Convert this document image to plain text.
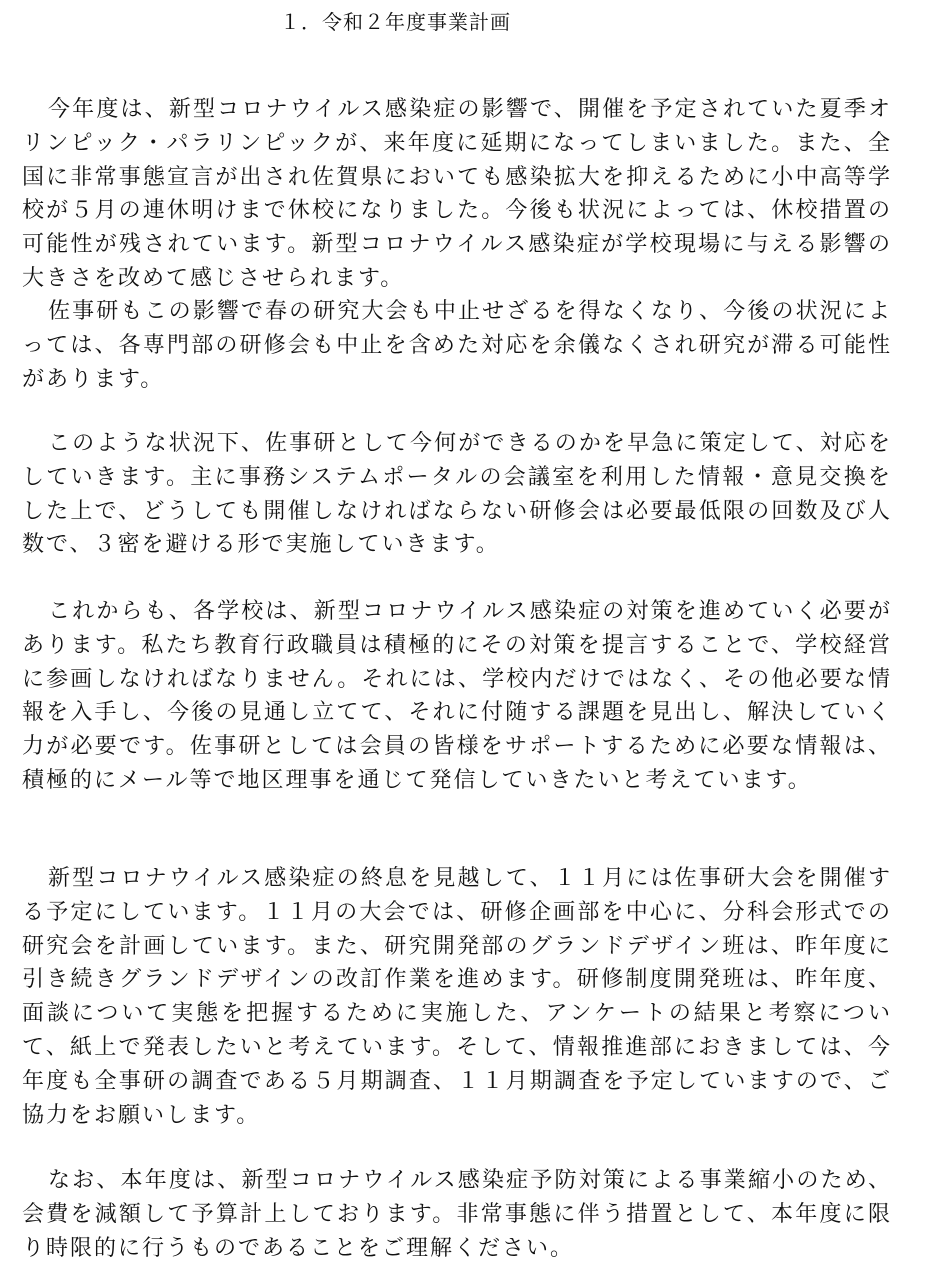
１．令和２年度事業計画

今年度は、新型コロナウイルス感染症の影響で、開催を予定されていた夏季オリンピック・パラリンピックが、来年度に延期になってしまいました。また、全国に非常事態宣言が出され佐賀県においても感染拡大を抑えるために小中高等学校が５月の連休明けまで休校になりました。今後も状況によっては、休校措置の可能性が残されています。新型コロナウイルス感染症が学校現場に与える影響の大きさを改めて感じさせられます。

佐事研もこの影響で春の研究大会も中止せざるを得なくなり、今後の状況によっては、各専門部の研修会も中止を含めた対応を余儀なくされ研究が滞る可能性があります。

このような状況下、佐事研として今何ができるのかを早急に策定して、対応をしていきます。主に事務システムポータルの会議室を利用した情報・意見交換をした上で、どうしても開催しなければならない研修会は必要最低限の回数及び人数で、３密を避ける形で実施していきます。

これからも、各学校は、新型コロナウイルス感染症の対策を進めていく必要があります。私たち教育行政職員は積極的にその対策を提言することで、学校経営に参画しなければなりません。それには、学校内だけではなく、その他必要な情報を入手し、今後の見通し立てて、それに付随する課題を見出し、解決していく力が必要です。佐事研としては会員の皆様をサポートするために必要な情報は、積極的にメール等で地区理事を通じて発信していきたいと考えています。

新型コロナウイルス感染症の終息を見越して、１１月には佐事研大会を開催する予定にしています。１１月の大会では、研修企画部を中心に、分科会形式での研究会を計画しています。また、研究開発部のグランドデザイン班は、昨年度に引き続きグランドデザインの改訂作業を進めます。研修制度開発班は、昨年度、面談について実態を把握するために実施した、アンケートの結果と考察について、紙上で発表したいと考えています。そして、情報推進部におきましては、今年度も全事研の調査である５月期調査、１１月期調査を予定していますので、ご協力をお願いします。

なお、本年度は、新型コロナウイルス感染症予防対策による事業縮小のため、会費を減額して予算計上しております。非常事態に伴う措置として、本年度に限り時限的に行うものであることをご理解ください。
